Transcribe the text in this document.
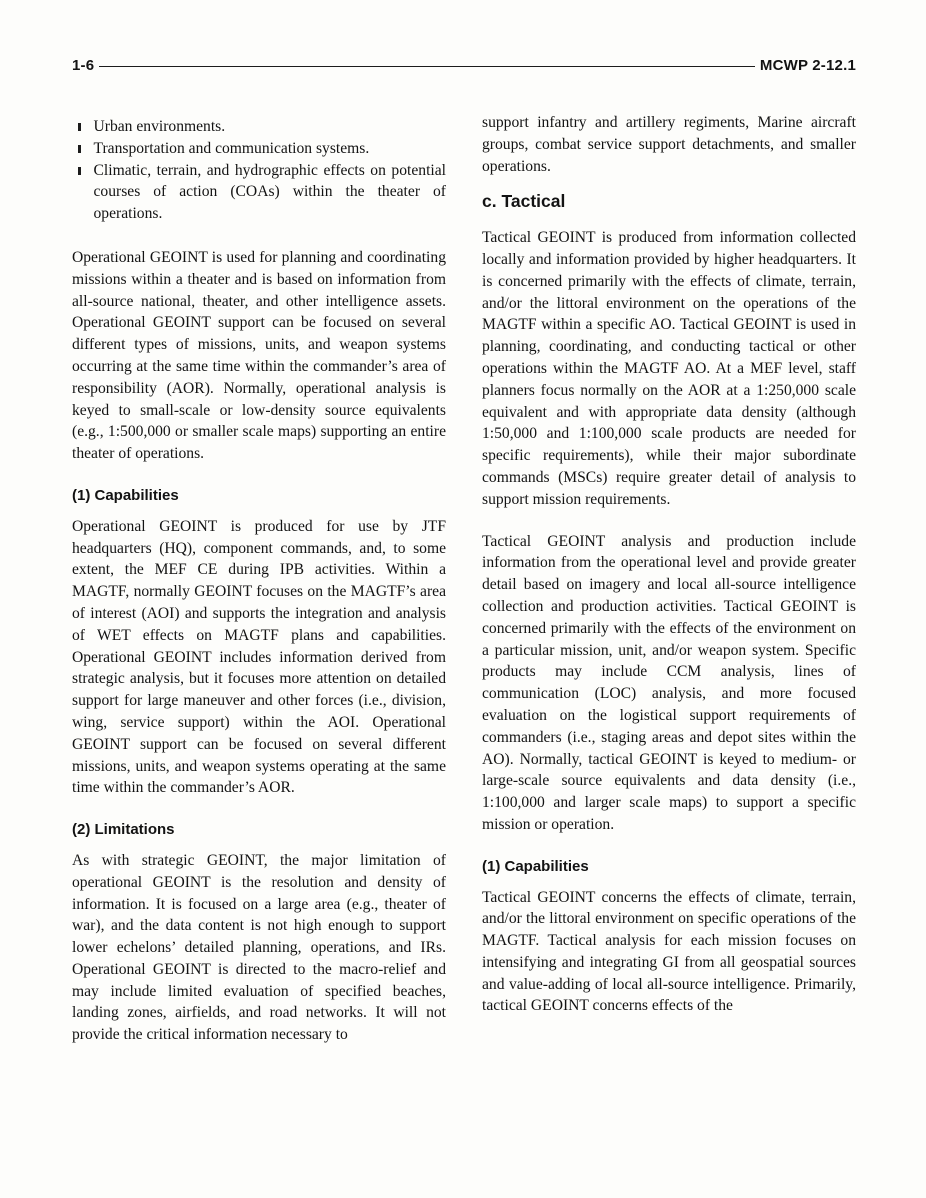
1-6	MCWP 2-12.1
Urban environments.
Transportation and communication systems.
Climatic, terrain, and hydrographic effects on potential courses of action (COAs) within the theater of operations.

Operational GEOINT is used for planning and coordinating missions within a theater and is based on information from all-source national, theater, and other intelligence assets. Operational GEOINT support can be focused on several different types of missions, units, and weapon systems occurring at the same time within the commander’s area of responsibility (AOR). Normally, operational analysis is keyed to small-scale or low-density source equivalents (e.g., 1:500,000 or smaller scale maps) supporting an entire theater of operations.

(1) Capabilities

Operational GEOINT is produced for use by JTF headquarters (HQ), component commands, and, to some extent, the MEF CE during IPB activities. Within a MAGTF, normally GEOINT focuses on the MAGTF’s area of interest (AOI) and supports the integration and analysis of WET effects on MAGTF plans and capabilities. Operational GEOINT includes information derived from strategic analysis, but it focuses more attention on detailed support for large maneuver and other forces (i.e., division, wing, service support) within the AOI. Operational GEOINT support can be focused on several different missions, units, and weapon systems operating at the same time within the commander’s AOR.

(2) Limitations

As with strategic GEOINT, the major limitation of operational GEOINT is the resolution and density of information. It is focused on a large area (e.g., theater of war), and the data content is not high enough to support lower echelons’ detailed planning, operations, and IRs. Operational GEOINT is directed to the macro-relief and may include limited evaluation of specified beaches, landing zones, airfields, and road networks. It will not provide the critical information necessary to

support infantry and artillery regiments, Marine aircraft groups, combat service support detachments, and smaller operations.

c. Tactical

Tactical GEOINT is produced from information collected locally and information provided by higher headquarters. It is concerned primarily with the effects of climate, terrain, and/or the littoral environment on the operations of the MAGTF within a specific AO. Tactical GEOINT is used in planning, coordinating, and conducting tactical or other operations within the MAGTF AO. At a MEF level, staff planners focus normally on the AOR at a 1:250,000 scale equivalent and with appropriate data density (although 1:50,000 and 1:100,000 scale products are needed for specific requirements), while their major subordinate commands (MSCs) require greater detail of analysis to support mission requirements.

Tactical GEOINT analysis and production include information from the operational level and provide greater detail based on imagery and local all-source intelligence collection and production activities. Tactical GEOINT is concerned primarily with the effects of the environment on a particular mission, unit, and/or weapon system. Specific products may include CCM analysis, lines of communication (LOC) analysis, and more focused evaluation on the logistical support requirements of commanders (i.e., staging areas and depot sites within the AO). Normally, tactical GEOINT is keyed to medium- or large-scale source equivalents and data density (i.e., 1:100,000 and larger scale maps) to support a specific mission or operation.

(1) Capabilities

Tactical GEOINT concerns the effects of climate, terrain, and/or the littoral environment on specific operations of the MAGTF. Tactical analysis for each mission focuses on intensifying and integrating GI from all geospatial sources and value-adding of local all-source intelligence. Primarily, tactical GEOINT concerns effects of the
